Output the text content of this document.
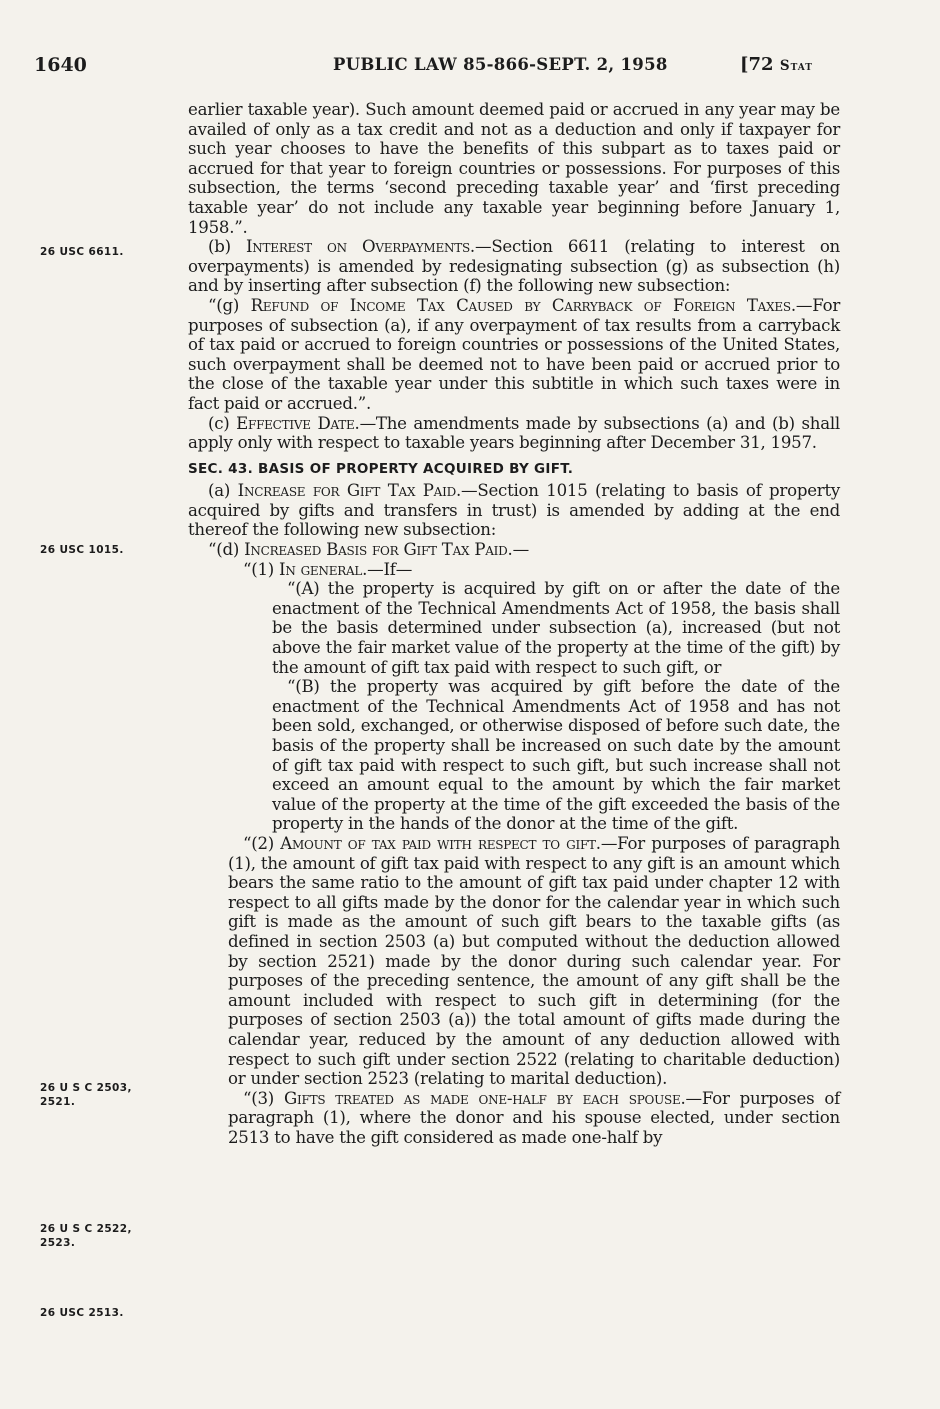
1640	PUBLIC LAW 85-866-SEPT. 2, 1958	[72 Stat
26 USC 6611.
26 USC 1015.
26 U S C 2503,
2521.
26 U S C 2522,
2523.
26 USC 2513.

earlier taxable year). Such amount deemed paid or accrued in any year may be availed of only as a tax credit and not as a deduction and only if taxpayer for such year chooses to have the benefits of this subpart as to taxes paid or accrued for that year to foreign countries or possessions. For purposes of this subsection, the terms ‘second preceding taxable year’ and ‘first preceding taxable year’ do not include any taxable year beginning before January 1, 1958.”.

(b) Interest on Overpayments.—Section 6611 (relating to interest on overpayments) is amended by redesignating subsection (g) as subsection (h) and by inserting after subsection (f) the following new subsection:

“(g) Refund of Income Tax Caused by Carryback of Foreign Taxes.—For purposes of subsection (a), if any overpayment of tax results from a carryback of tax paid or accrued to foreign countries or possessions of the United States, such overpayment shall be deemed not to have been paid or accrued prior to the close of the taxable year under this subtitle in which such taxes were in fact paid or accrued.”.

(c) Effective Date.—The amendments made by subsections (a) and (b) shall apply only with respect to taxable years beginning after December 31, 1957.

SEC. 43. BASIS OF PROPERTY ACQUIRED BY GIFT.

(a) Increase for Gift Tax Paid.—Section 1015 (relating to basis of property acquired by gifts and transfers in trust) is amended by adding at the end thereof the following new subsection:

“(d) Increased Basis for Gift Tax Paid.—

“(1) In general.—If—

“(A) the property is acquired by gift on or after the date of the enactment of the Technical Amendments Act of 1958, the basis shall be the basis determined under subsection (a), increased (but not above the fair market value of the property at the time of the gift) by the amount of gift tax paid with respect to such gift, or

“(B) the property was acquired by gift before the date of the enactment of the Technical Amendments Act of 1958 and has not been sold, exchanged, or otherwise disposed of before such date, the basis of the property shall be increased on such date by the amount of gift tax paid with respect to such gift, but such increase shall not exceed an amount equal to the amount by which the fair market value of the property at the time of the gift exceeded the basis of the property in the hands of the donor at the time of the gift.

“(2) Amount of tax paid with respect to gift.—For purposes of paragraph (1), the amount of gift tax paid with respect to any gift is an amount which bears the same ratio to the amount of gift tax paid under chapter 12 with respect to all gifts made by the donor for the calendar year in which such gift is made as the amount of such gift bears to the taxable gifts (as defined in section 2503 (a) but computed without the deduction allowed by section 2521) made by the donor during such calendar year. For purposes of the preceding sentence, the amount of any gift shall be the amount included with respect to such gift in determining (for the purposes of section 2503 (a)) the total amount of gifts made during the calendar year, reduced by the amount of any deduction allowed with respect to such gift under section 2522 (relating to charitable deduction) or under section 2523 (relating to marital deduction).

“(3) Gifts treated as made one-half by each spouse.—For purposes of paragraph (1), where the donor and his spouse elected, under section 2513 to have the gift considered as made one-half by
